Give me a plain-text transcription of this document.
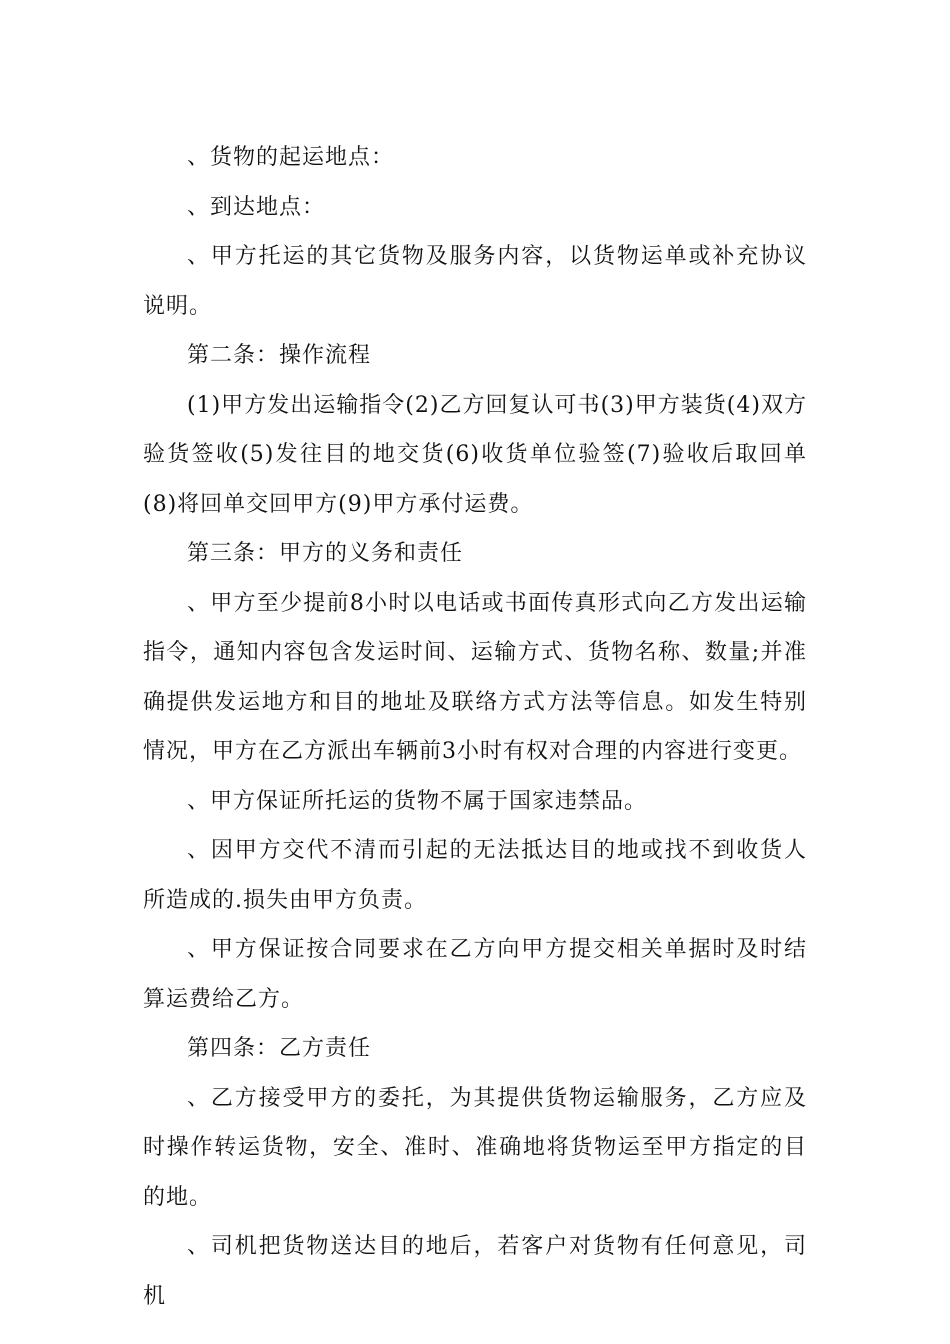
、货物的起运地点：

、到达地点：

、甲方托运的其它货物及服务内容，以货物运单或补充协议说明。

第二条：操作流程

(1)甲方发出运输指令(2)乙方回复认可书(3)甲方装货(4)双方验货签收(5)发往目的地交货(6)收货单位验签(7)验收后取回单(8)将回单交回甲方(9)甲方承付运费。

第三条：甲方的义务和责任

、甲方至少提前8小时以电话或书面传真形式向乙方发出运输指令，通知内容包含发运时间、运输方式、货物名称、数量;并准确提供发运地方和目的地址及联络方式方法等信息。如发生特别情况，甲方在乙方派出车辆前3小时有权对合理的内容进行变更。

、甲方保证所托运的货物不属于国家违禁品。

、因甲方交代不清而引起的无法抵达目的地或找不到收货人所造成的.损失由甲方负责。

、甲方保证按合同要求在乙方向甲方提交相关单据时及时结算运费给乙方。

第四条：乙方责任

、乙方接受甲方的委托，为其提供货物运输服务，乙方应及时操作转运货物，安全、准时、准确地将货物运至甲方指定的目的地。

、司机把货物送达目的地后，若客户对货物有任何意见，司机
